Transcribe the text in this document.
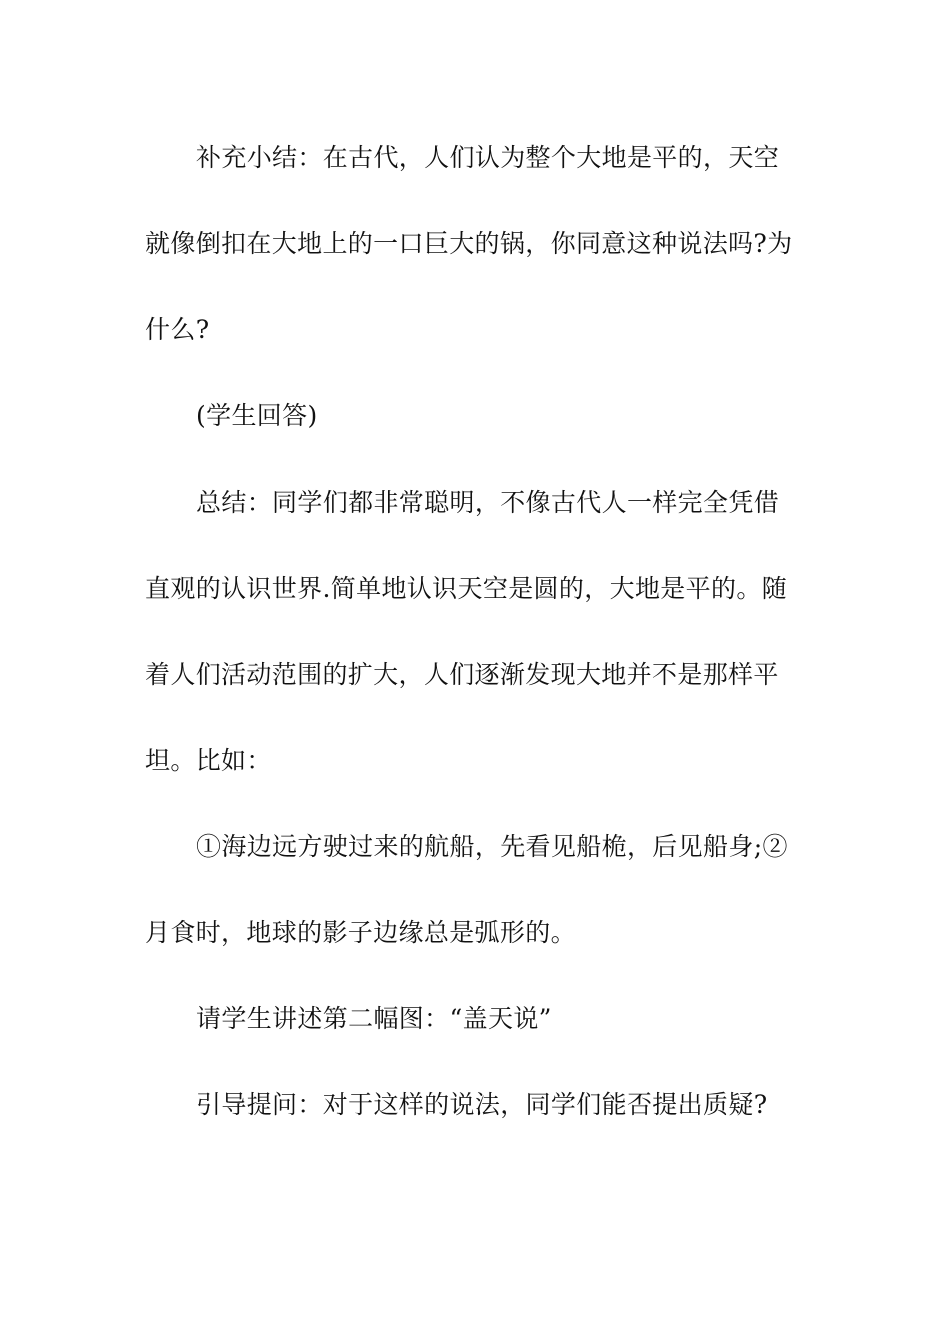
补充小结：在古代，人们认为整个大地是平的，天空
就像倒扣在大地上的一口巨大的锅，你同意这种说法吗?为
什么?
(学生回答)
总结：同学们都非常聪明，不像古代人一样完全凭借
直观的认识世界.简单地认识天空是圆的，大地是平的。随
着人们活动范围的扩大，人们逐渐发现大地并不是那样平
坦。比如：
①海边远方驶过来的航船，先看见船桅，后见船身;②
月食时，地球的影子边缘总是弧形的。
请学生讲述第二幅图：“盖天说”
引导提问：对于这样的说法，同学们能否提出质疑?
